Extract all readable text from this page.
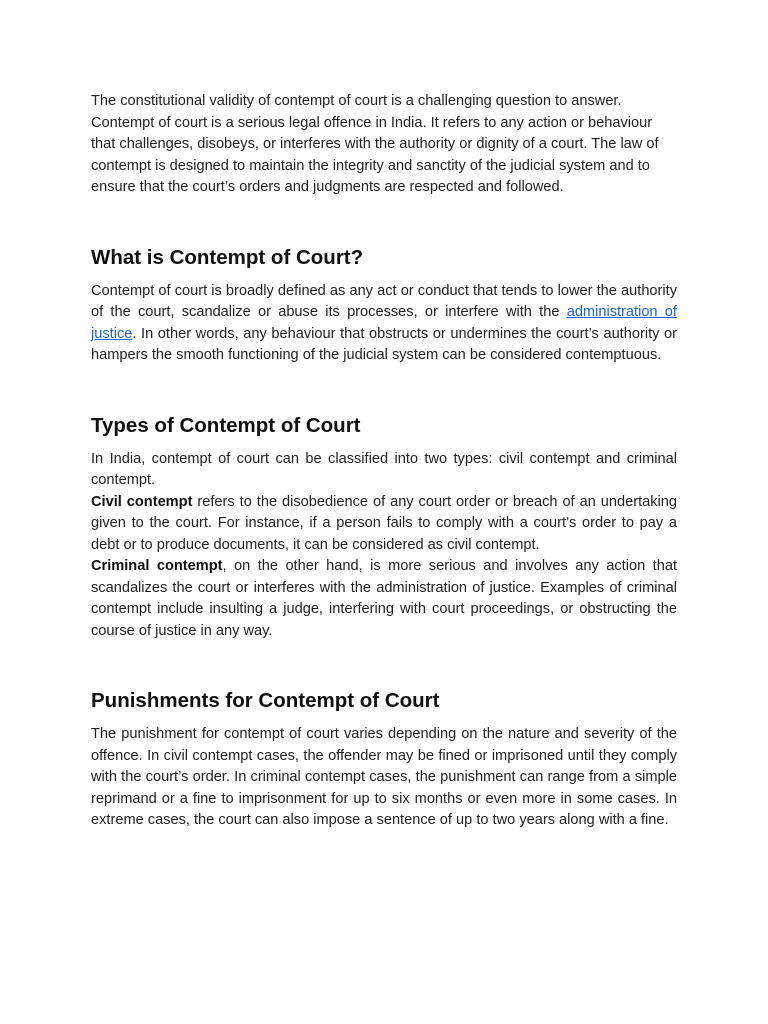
The constitutional validity of contempt of court is a challenging question to answer. Contempt of court is a serious legal offence in India. It refers to any action or behaviour that challenges, disobeys, or interferes with the authority or dignity of a court. The law of contempt is designed to maintain the integrity and sanctity of the judicial system and to ensure that the court’s orders and judgments are respected and followed.

What is Contempt of Court?

Contempt of court is broadly defined as any act or conduct that tends to lower the authority of the court, scandalize or abuse its processes, or interfere with the administration of justice. In other words, any behaviour that obstructs or undermines the court’s authority or hampers the smooth functioning of the judicial system can be considered contemptuous.

Types of Contempt of Court

In India, contempt of court can be classified into two types: civil contempt and criminal contempt.

Civil contempt refers to the disobedience of any court order or breach of an undertaking given to the court. For instance, if a person fails to comply with a court’s order to pay a debt or to produce documents, it can be considered as civil contempt.

Criminal contempt, on the other hand, is more serious and involves any action that scandalizes the court or interferes with the administration of justice. Examples of criminal contempt include insulting a judge, interfering with court proceedings, or obstructing the course of justice in any way.

Punishments for Contempt of Court

The punishment for contempt of court varies depending on the nature and severity of the offence. In civil contempt cases, the offender may be fined or imprisoned until they comply with the court’s order. In criminal contempt cases, the punishment can range from a simple reprimand or a fine to imprisonment for up to six months or even more in some cases. In extreme cases, the court can also impose a sentence of up to two years along with a fine.
